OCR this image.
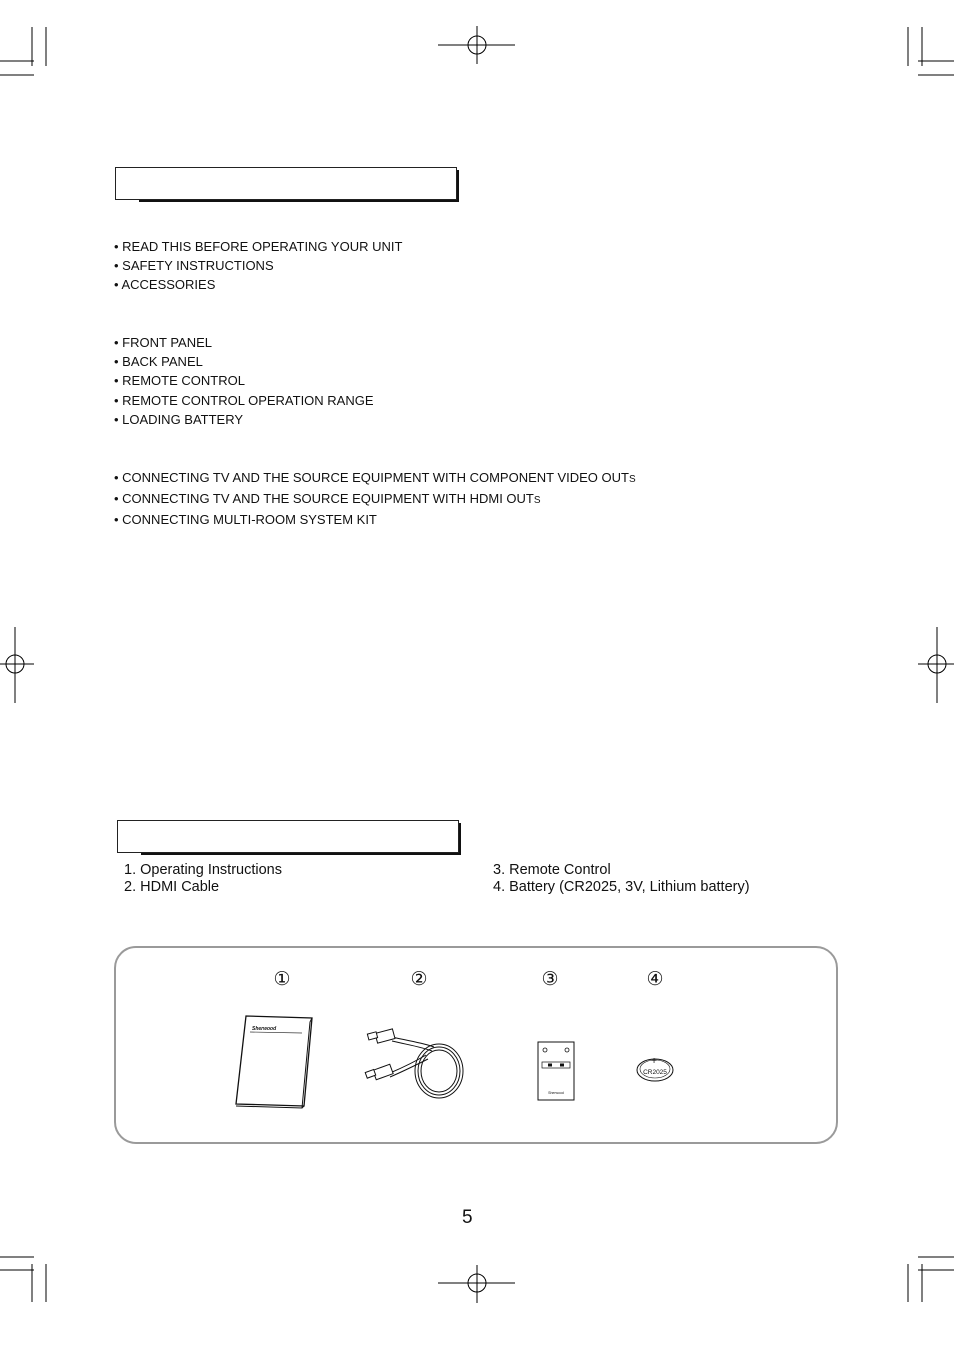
• READ THIS BEFORE OPERATING YOUR UNIT
• SAFETY INSTRUCTIONS
• ACCESSORIES
• FRONT PANEL
• BACK PANEL
• REMOTE CONTROL
• REMOTE CONTROL OPERATION RANGE
• LOADING BATTERY
• CONNECTING TV AND THE SOURCE EQUIPMENT WITH COMPONENT VIDEO OUTS
• CONNECTING TV AND THE SOURCE EQUIPMENT WITH HDMI OUTS
• CONNECTING MULTI-ROOM SYSTEM KIT
1. Operating Instructions
2. HDMI Cable
3. Remote Control
4. Battery (CR2025, 3V, Lithium battery)
①	②	③	④
Sherwood
Sherwood
+
CR2025
5
